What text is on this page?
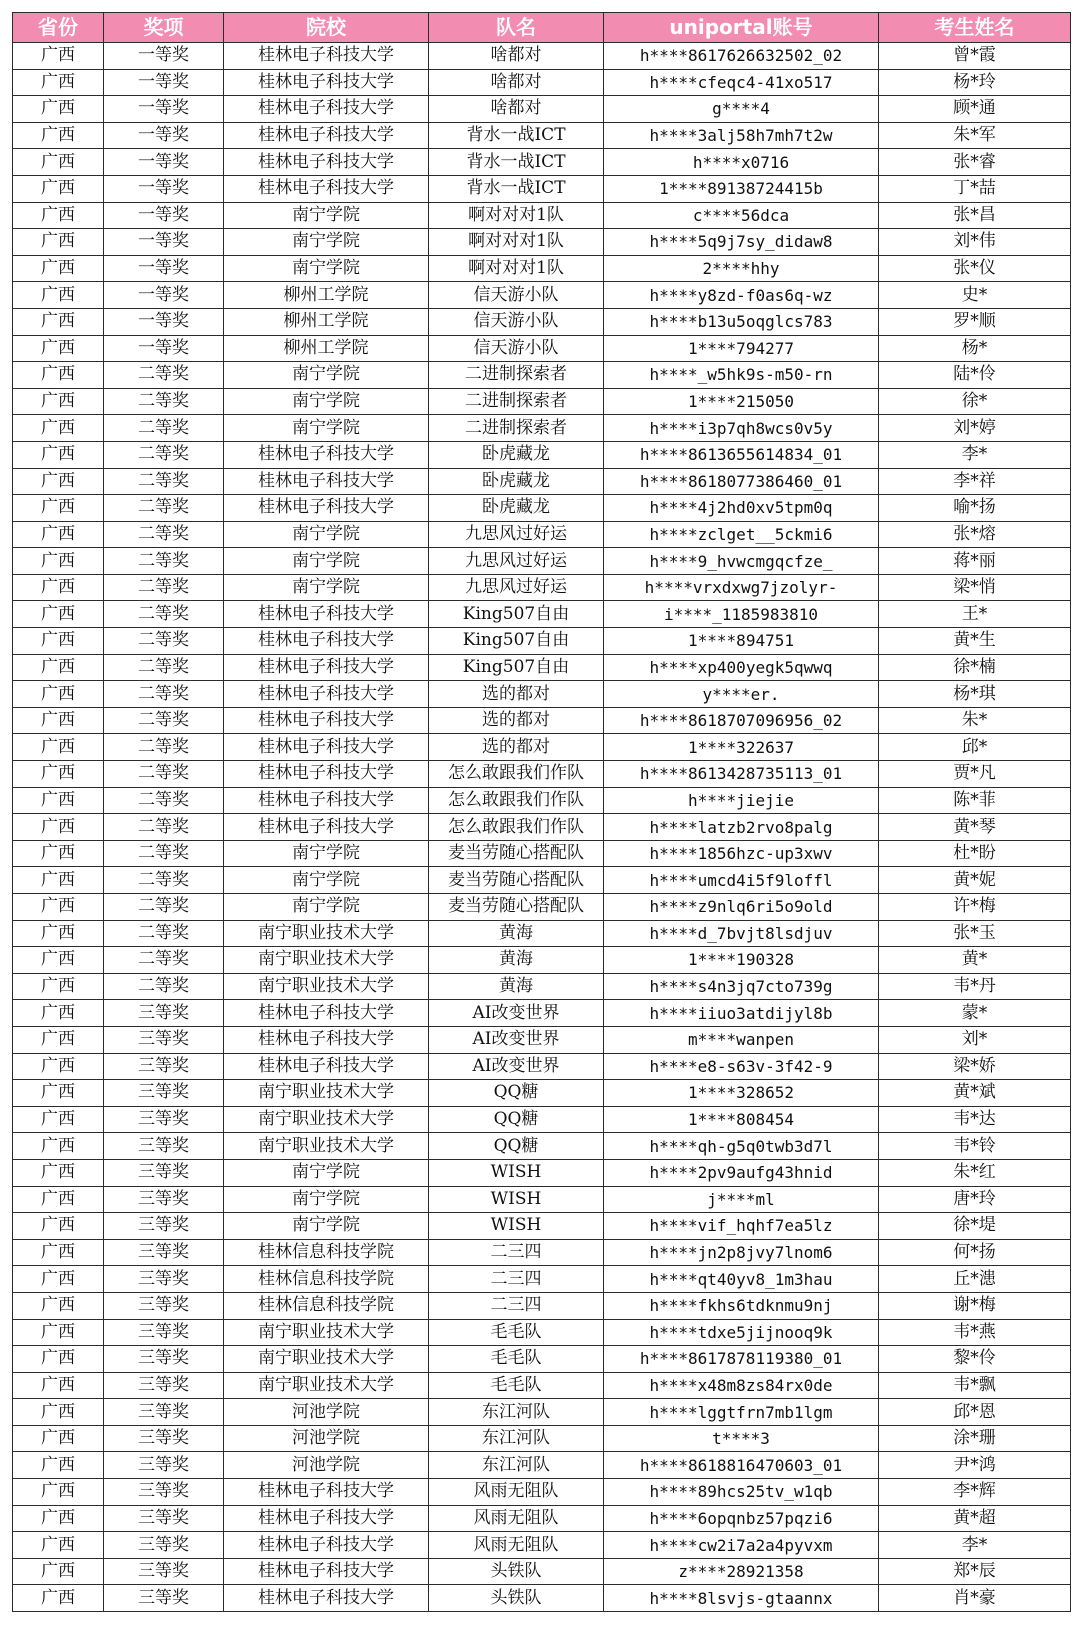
省份	奖项	院校	队名	uniportal账号	考生姓名
广西	一等奖	桂林电子科技大学	啥都对	h****8617626632502_02	曾*霞
广西	一等奖	桂林电子科技大学	啥都对	h****cfeqc4-41xo517	杨*玲
广西	一等奖	桂林电子科技大学	啥都对	g****4	顾*通
广西	一等奖	桂林电子科技大学	背水一战ICT	h****3alj58h7mh7t2w	朱*军
广西	一等奖	桂林电子科技大学	背水一战ICT	h****x0716	张*睿
广西	一等奖	桂林电子科技大学	背水一战ICT	1****89138724415b	丁*喆
广西	一等奖	南宁学院	啊对对对1队	c****56dca	张*昌
广西	一等奖	南宁学院	啊对对对1队	h****5q9j7sy_didaw8	刘*伟
广西	一等奖	南宁学院	啊对对对1队	2****hhy	张*仪
广西	一等奖	柳州工学院	信天游小队	h****y8zd-f0as6q-wz	史*
广西	一等奖	柳州工学院	信天游小队	h****b13u5oqglcs783	罗*顺
广西	一等奖	柳州工学院	信天游小队	1****794277	杨*
广西	二等奖	南宁学院	二进制探索者	h****_w5hk9s-m50-rn	陆*伶
广西	二等奖	南宁学院	二进制探索者	1****215050	徐*
广西	二等奖	南宁学院	二进制探索者	h****i3p7qh8wcs0v5y	刘*婷
广西	二等奖	桂林电子科技大学	卧虎藏龙	h****8613655614834_01	李*
广西	二等奖	桂林电子科技大学	卧虎藏龙	h****8618077386460_01	李*祥
广西	二等奖	桂林电子科技大学	卧虎藏龙	h****4j2hd0xv5tpm0q	喻*扬
广西	二等奖	南宁学院	九思风过好运	h****zclget__5ckmi6	张*熔
广西	二等奖	南宁学院	九思风过好运	h****9_hvwcmgqcfze_	蒋*丽
广西	二等奖	南宁学院	九思风过好运	h****vrxdxwg7jzolyr-	梁*悄
广西	二等奖	桂林电子科技大学	King507自由	i****_1185983810	王*
广西	二等奖	桂林电子科技大学	King507自由	1****894751	黄*生
广西	二等奖	桂林电子科技大学	King507自由	h****xp400yegk5qwwq	徐*楠
广西	二等奖	桂林电子科技大学	选的都对	y****er.	杨*琪
广西	二等奖	桂林电子科技大学	选的都对	h****8618707096956_02	朱*
广西	二等奖	桂林电子科技大学	选的都对	1****322637	邱*
广西	二等奖	桂林电子科技大学	怎么敢跟我们作队	h****8613428735113_01	贾*凡
广西	二等奖	桂林电子科技大学	怎么敢跟我们作队	h****jiejie	陈*菲
广西	二等奖	桂林电子科技大学	怎么敢跟我们作队	h****latzb2rvo8palg	黄*琴
广西	二等奖	南宁学院	麦当劳随心搭配队	h****1856hzc-up3xwv	杜*盼
广西	二等奖	南宁学院	麦当劳随心搭配队	h****umcd4i5f9loffl	黄*妮
广西	二等奖	南宁学院	麦当劳随心搭配队	h****z9nlq6ri5o9old	许*梅
广西	二等奖	南宁职业技术大学	黄海	h****d_7bvjt8lsdjuv	张*玉
广西	二等奖	南宁职业技术大学	黄海	1****190328	黄*
广西	二等奖	南宁职业技术大学	黄海	h****s4n3jq7cto739g	韦*丹
广西	三等奖	桂林电子科技大学	AI改变世界	h****iiuo3atdijyl8b	蒙*
广西	三等奖	桂林电子科技大学	AI改变世界	m****wanpen	刘*
广西	三等奖	桂林电子科技大学	AI改变世界	h****e8-s63v-3f42-9	梁*娇
广西	三等奖	南宁职业技术大学	QQ糖	1****328652	黄*斌
广西	三等奖	南宁职业技术大学	QQ糖	1****808454	韦*达
广西	三等奖	南宁职业技术大学	QQ糖	h****qh-g5q0twb3d7l	韦*铃
广西	三等奖	南宁学院	WISH	h****2pv9aufg43hnid	朱*红
广西	三等奖	南宁学院	WISH	j****ml	唐*玲
广西	三等奖	南宁学院	WISH	h****vif_hqhf7ea5lz	徐*堤
广西	三等奖	桂林信息科技学院	二三四	h****jn2p8jvy7lnom6	何*扬
广西	三等奖	桂林信息科技学院	二三四	h****qt40yv8_1m3hau	丘*漶
广西	三等奖	桂林信息科技学院	二三四	h****fkhs6tdknmu9nj	谢*梅
广西	三等奖	南宁职业技术大学	毛毛队	h****tdxe5jijnooq9k	韦*燕
广西	三等奖	南宁职业技术大学	毛毛队	h****8617878119380_01	黎*伶
广西	三等奖	南宁职业技术大学	毛毛队	h****x48m8zs84rx0de	韦*飘
广西	三等奖	河池学院	东江河队	h****lggtfrn7mb1lgm	邱*恩
广西	三等奖	河池学院	东江河队	t****3	涂*珊
广西	三等奖	河池学院	东江河队	h****8618816470603_01	尹*鸿
广西	三等奖	桂林电子科技大学	风雨无阻队	h****89hcs25tv_w1qb	李*辉
广西	三等奖	桂林电子科技大学	风雨无阻队	h****6opqnbz57pqzi6	黄*超
广西	三等奖	桂林电子科技大学	风雨无阻队	h****cw2i7a2a4pyvxm	李*
广西	三等奖	桂林电子科技大学	头铁队	z****28921358	郑*辰
广西	三等奖	桂林电子科技大学	头铁队	h****8lsvjs-gtaannx	肖*豪
